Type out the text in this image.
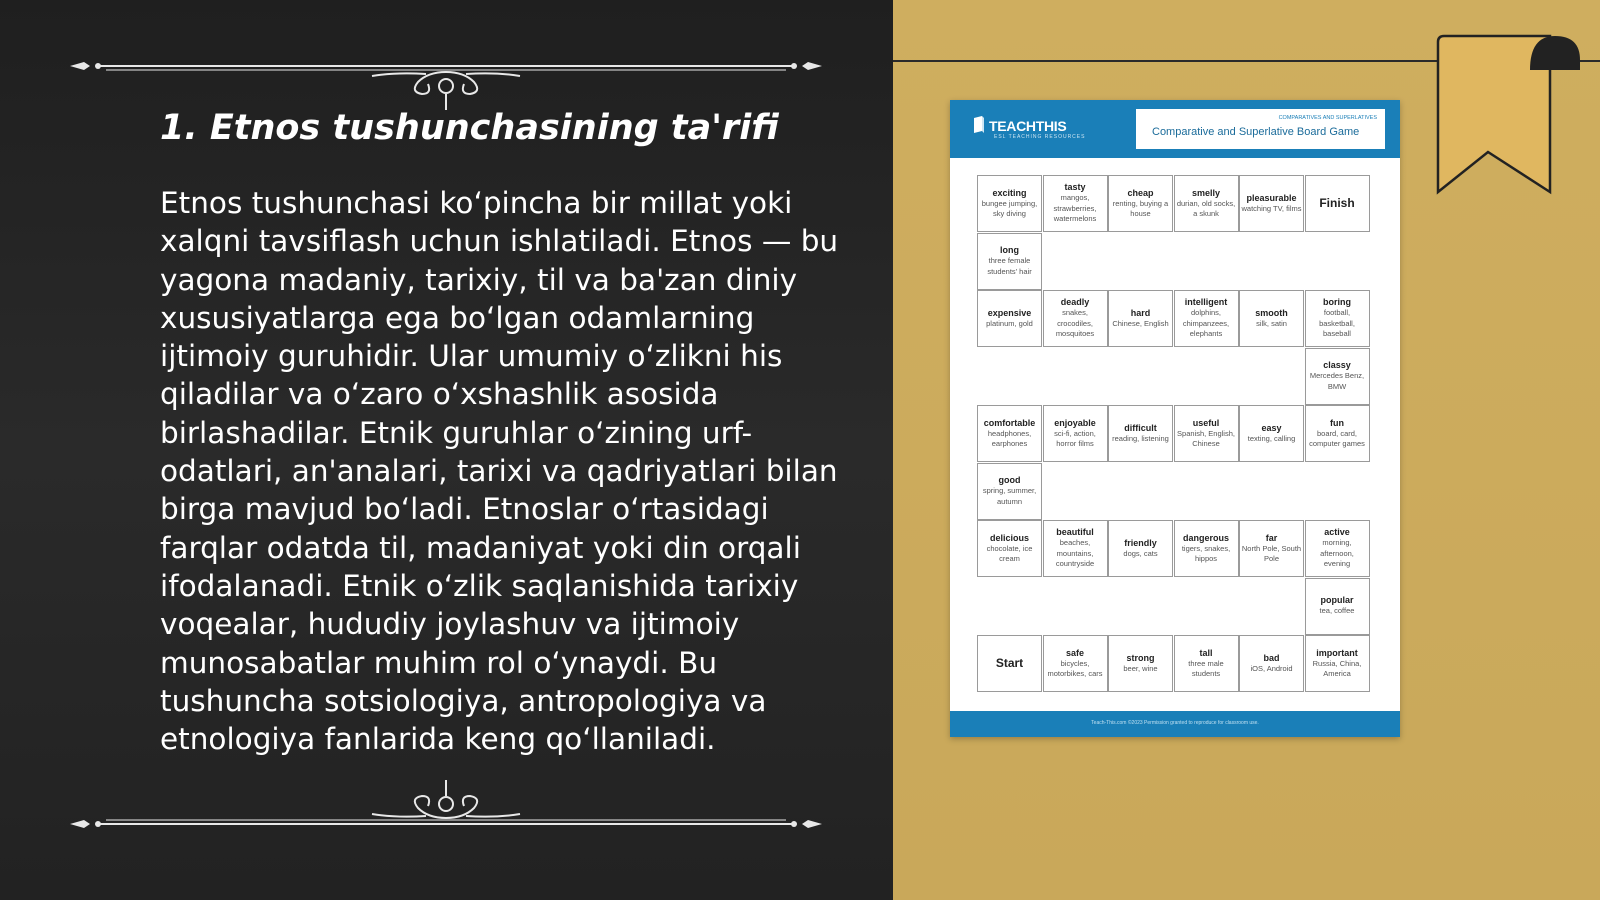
1. Etnos tushunchasining ta'rifi

Etnos tushunchasi koʻpincha bir millat yoki xalqni tavsiflash uchun ishlatiladi. Etnos — bu yagona madaniy, tarixiy, til va ba'zan diniy xususiyatlarga ega boʻlgan odamlarning ijtimoiy guruhidir. Ular umumiy oʻzlikni his qiladilar va oʻzaro oʻxshashlik asosida birlashadilar. Etnik guruhlar oʻzining urf-odatlari, an'analari, tarixi va qadriyatlari bilan birga mavjud boʻladi. Etnoslar oʻrtasidagi farqlar odatda til, madaniyat yoki din orqali ifodalanadi. Etnik oʻzlik saqlanishida tarixiy voqealar, hududiy joylashuv va ijtimoiy munosabatlar muhim rol oʻynaydi. Bu tushuncha sotsiologiya, antropologiya va etnologiya fanlarida keng qoʻllaniladi.

TEACHTHIS
ESL TEACHING RESOURCES
COMPARATIVES AND SUPERLATIVES
Comparative and Superlative Board Game
exciting
bungee jumping, sky diving
tasty
mangos, strawberries, watermelons
cheap
renting, buying a house
smelly
durian, old socks, a skunk
pleasurable
watching TV, films Finish
long
three female students' hair
expensive
platinum, gold
deadly
snakes, crocodiles, mosquitoes
hard
Chinese, English
intelligent
dolphins, chimpanzees, elephants
smooth
silk, satin
boring
football, basketball, baseball
classy
Mercedes Benz, BMW
comfortable
headphones, earphones
enjoyable
sci-fi, action, horror films
difficult
reading, listening
useful
Spanish, English, Chinese
easy
texting, calling
fun
board, card, computer games
good
spring, summer, autumn
delicious
chocolate, ice cream
beautiful
beaches, mountains, countryside
friendly
dogs, cats
dangerous
tigers, snakes, hippos
far
North Pole, South Pole
active
morning, afternoon, evening
popular
tea, coffee
Start
safe
bicycles, motorbikes, cars
strong
beer, wine
tall
three male students
bad
iOS, Android
important
Russia, China, America
Teach-This.com ©2023 Permission granted to reproduce for classroom use.
